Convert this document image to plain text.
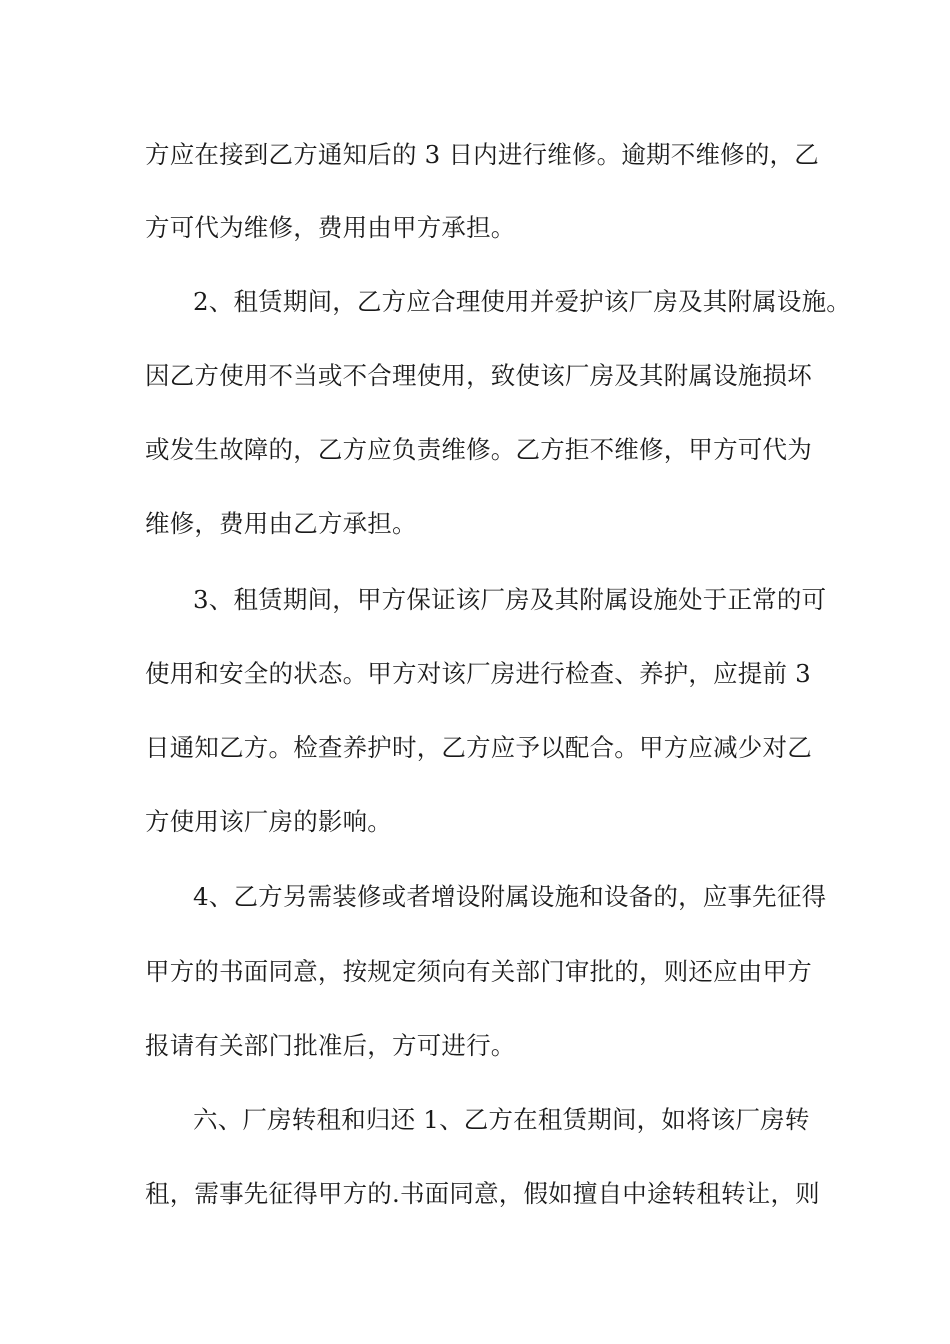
方应在接到乙方通知后的 3 日内进行维修。逾期不维修的，乙
方可代为维修，费用由甲方承担。
2、租赁期间，乙方应合理使用并爱护该厂房及其附属设施。
因乙方使用不当或不合理使用，致使该厂房及其附属设施损坏
或发生故障的，乙方应负责维修。乙方拒不维修，甲方可代为
维修，费用由乙方承担。
3、租赁期间，甲方保证该厂房及其附属设施处于正常的可
使用和安全的状态。甲方对该厂房进行检查、养护，应提前 3
日通知乙方。检查养护时，乙方应予以配合。甲方应减少对乙
方使用该厂房的影响。
4、乙方另需装修或者增设附属设施和设备的，应事先征得
甲方的书面同意，按规定须向有关部门审批的，则还应由甲方
报请有关部门批准后，方可进行。
六、厂房转租和归还 1、乙方在租赁期间，如将该厂房转
租，需事先征得甲方的.书面同意，假如擅自中途转租转让，则
